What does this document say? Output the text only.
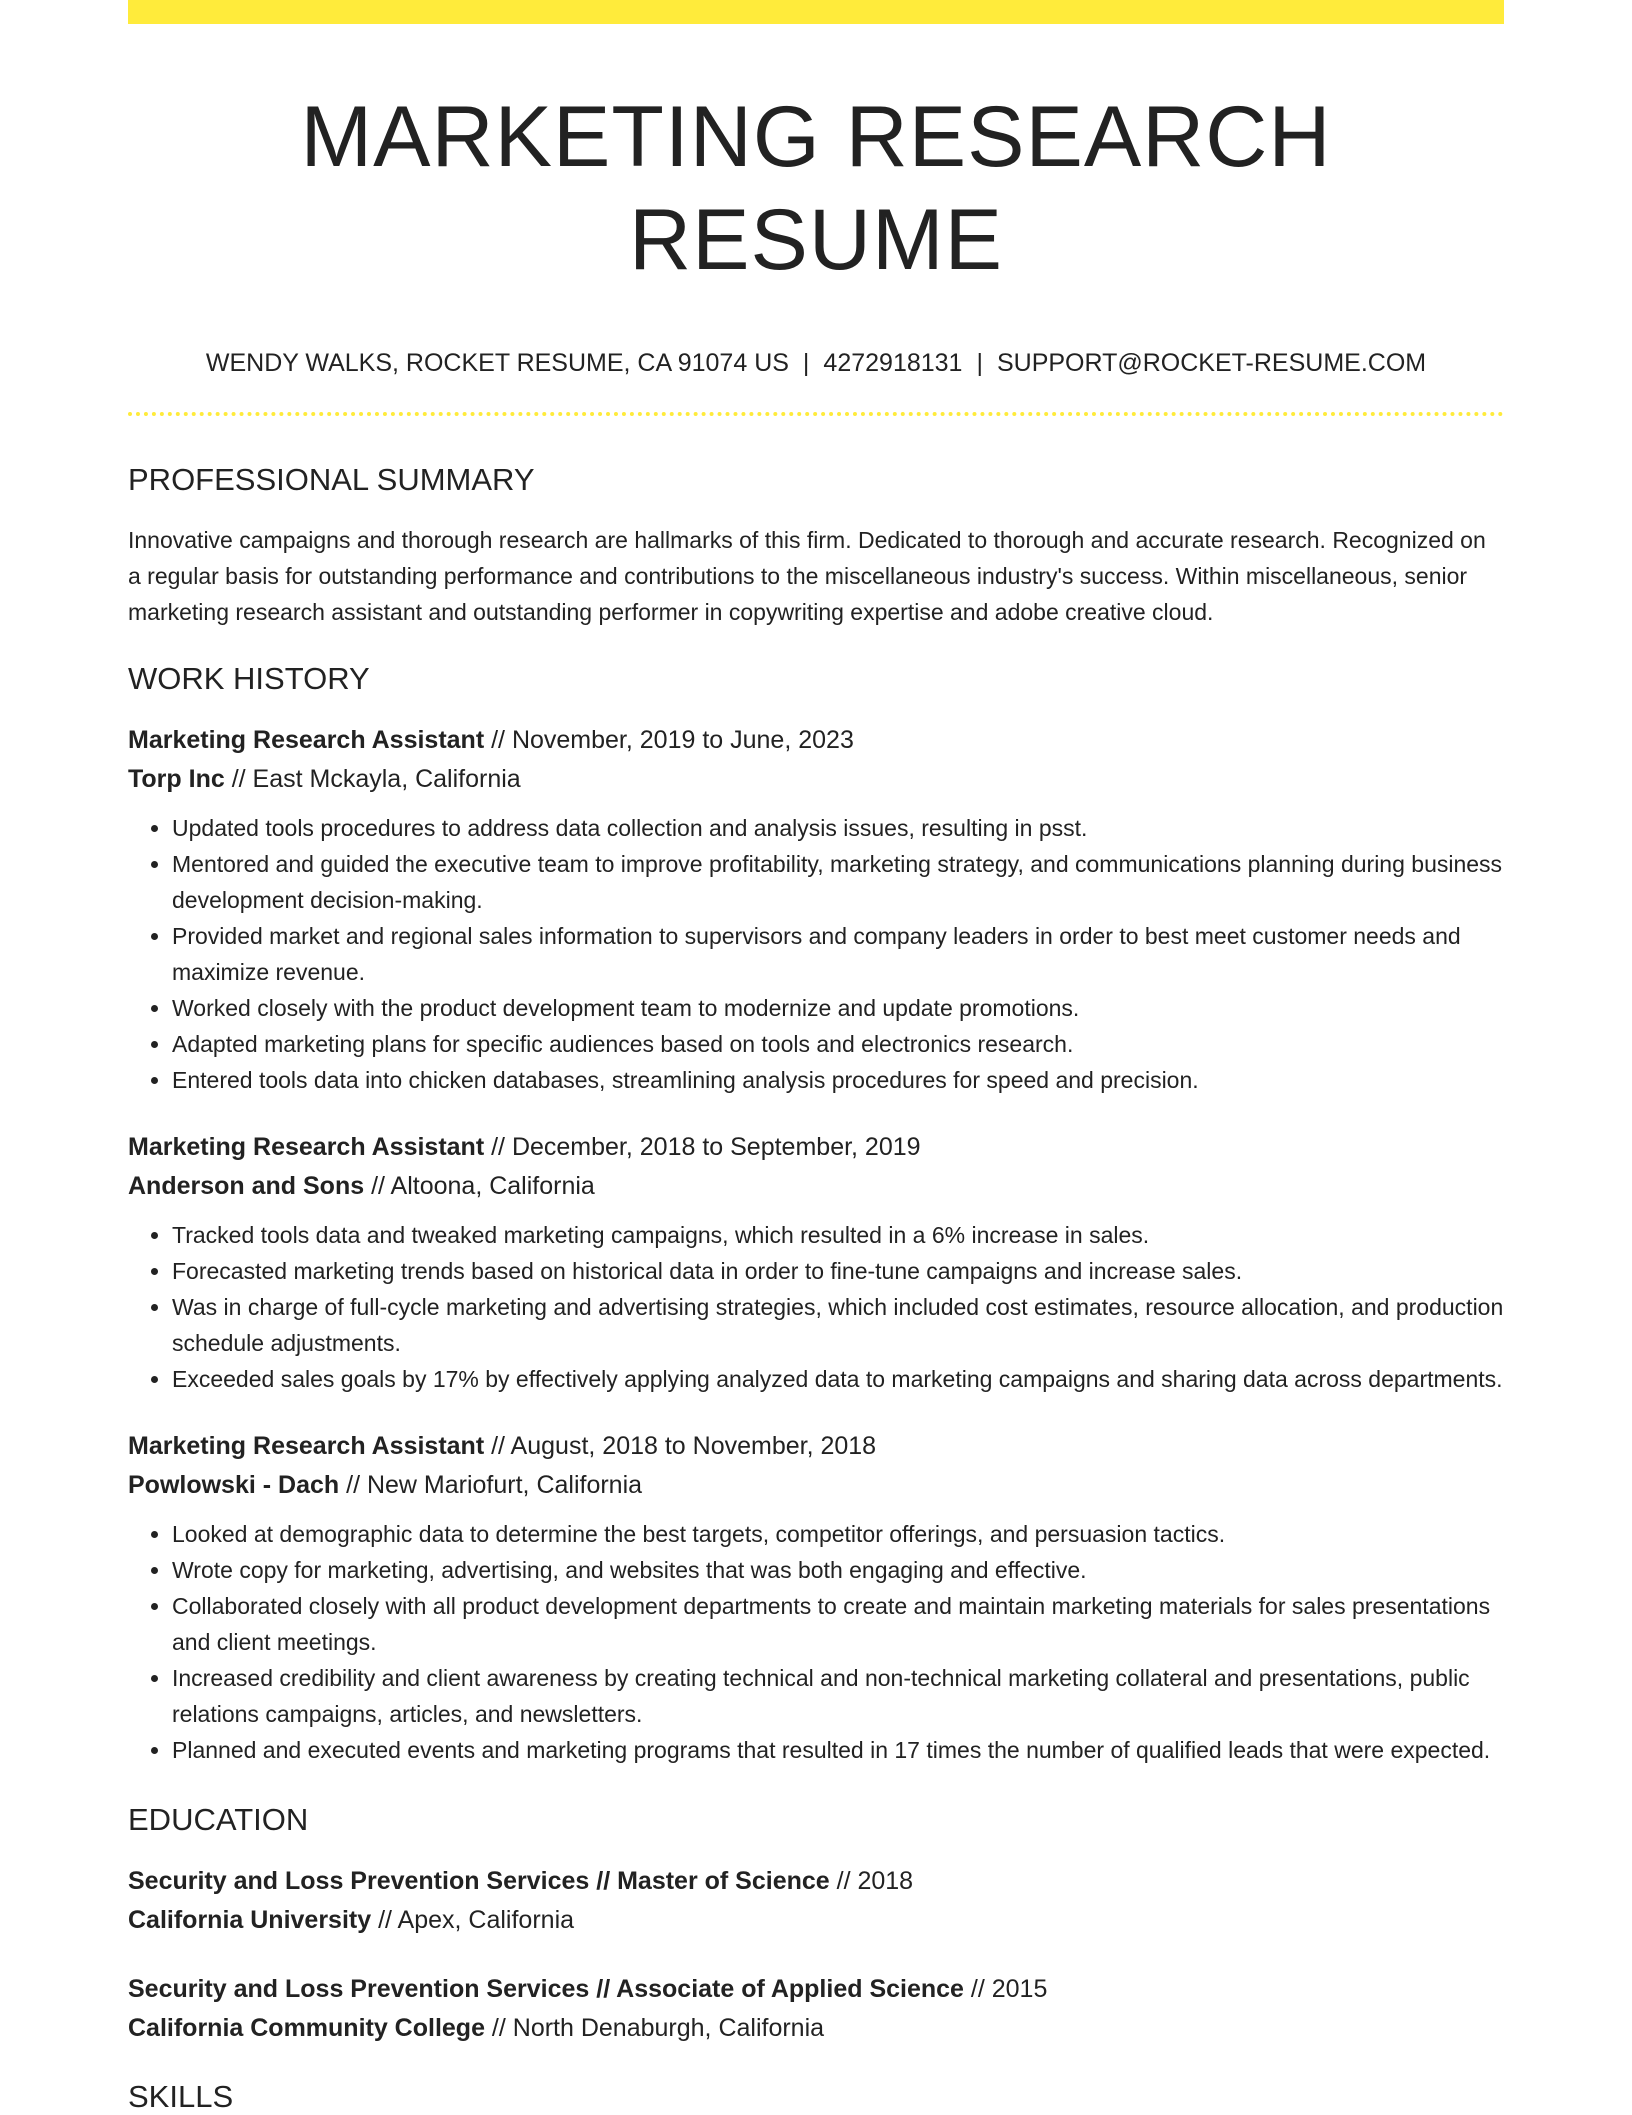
MARKETING RESEARCH RESUME
WENDY WALKS, ROCKET RESUME, CA 91074 US | 4272918131 | SUPPORT@ROCKET-RESUME.COM
PROFESSIONAL SUMMARY
Innovative campaigns and thorough research are hallmarks of this firm. Dedicated to thorough and accurate research. Recognized on a regular basis for outstanding performance and contributions to the miscellaneous industry's success. Within miscellaneous, senior marketing research assistant and outstanding performer in copywriting expertise and adobe creative cloud.
WORK HISTORY
Marketing Research Assistant // November, 2019 to June, 2023
Torp Inc // East Mckayla, California
• Updated tools procedures to address data collection and analysis issues, resulting in psst.
• Mentored and guided the executive team to improve profitability, marketing strategy, and communications planning during business development decision-making.
• Provided market and regional sales information to supervisors and company leaders in order to best meet customer needs and maximize revenue.
• Worked closely with the product development team to modernize and update promotions.
• Adapted marketing plans for specific audiences based on tools and electronics research.
• Entered tools data into chicken databases, streamlining analysis procedures for speed and precision.
Marketing Research Assistant // December, 2018 to September, 2019
Anderson and Sons // Altoona, California
• Tracked tools data and tweaked marketing campaigns, which resulted in a 6% increase in sales.
• Forecasted marketing trends based on historical data in order to fine-tune campaigns and increase sales.
• Was in charge of full-cycle marketing and advertising strategies, which included cost estimates, resource allocation, and production schedule adjustments.
• Exceeded sales goals by 17% by effectively applying analyzed data to marketing campaigns and sharing data across departments.
Marketing Research Assistant // August, 2018 to November, 2018
Powlowski - Dach // New Mariofurt, California
• Looked at demographic data to determine the best targets, competitor offerings, and persuasion tactics.
• Wrote copy for marketing, advertising, and websites that was both engaging and effective.
• Collaborated closely with all product development departments to create and maintain marketing materials for sales presentations and client meetings.
• Increased credibility and client awareness by creating technical and non-technical marketing collateral and presentations, public relations campaigns, articles, and newsletters.
• Planned and executed events and marketing programs that resulted in 17 times the number of qualified leads that were expected.
EDUCATION
Security and Loss Prevention Services // Master of Science // 2018
California University // Apex, California
Security and Loss Prevention Services // Associate of Applied Science // 2015
California Community College // North Denaburgh, California
SKILLS
